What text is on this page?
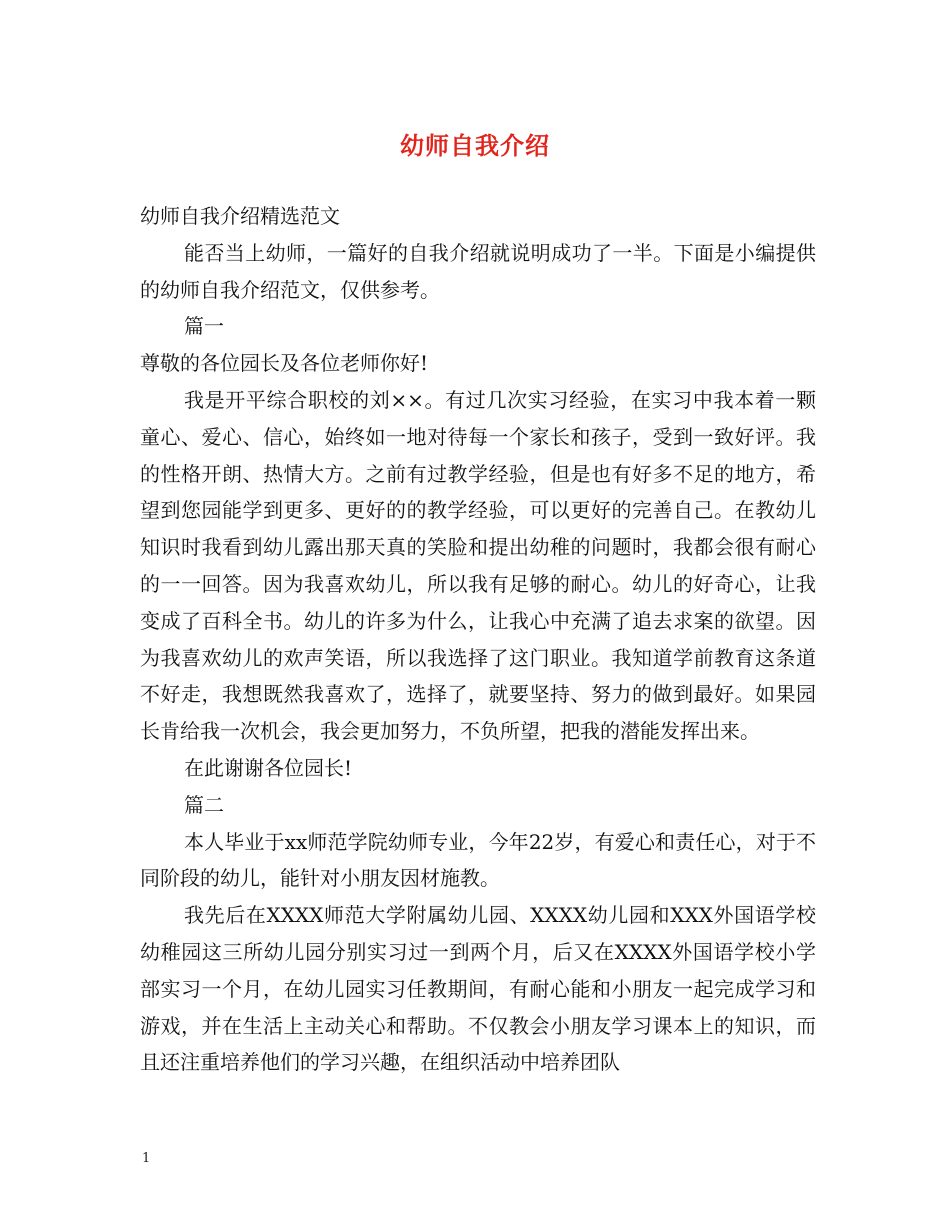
幼师自我介绍

幼师自我介绍精选范文

能否当上幼师，一篇好的自我介绍就说明成功了一半。下面是小编提供的幼师自我介绍范文，仅供参考。

篇一

尊敬的各位园长及各位老师你好!

我是开平综合职校的刘××。有过几次实习经验，在实习中我本着一颗童心、爱心、信心，始终如一地对待每一个家长和孩子，受到一致好评。我的性格开朗、热情大方。之前有过教学经验，但是也有好多不足的地方，希望到您园能学到更多、更好的的教学经验，可以更好的完善自己。在教幼儿知识时我看到幼儿露出那天真的笑脸和提出幼稚的问题时，我都会很有耐心的一一回答。因为我喜欢幼儿，所以我有足够的耐心。幼儿的好奇心，让我变成了百科全书。幼儿的许多为什么，让我心中充满了追去求案的欲望。因为我喜欢幼儿的欢声笑语，所以我选择了这门职业。我知道学前教育这条道不好走，我想既然我喜欢了，选择了，就要坚持、努力的做到最好。如果园长肯给我一次机会，我会更加努力，不负所望，把我的潜能发挥出来。

在此谢谢各位园长!

篇二

本人毕业于xx师范学院幼师专业，今年22岁，有爱心和责任心，对于不同阶段的幼儿，能针对小朋友因材施教。

我先后在XXXX师范大学附属幼儿园、XXXX幼儿园和XXX外国语学校幼稚园这三所幼儿园分别实习过一到两个月，后又在XXXX外国语学校小学部实习一个月，在幼儿园实习任教期间，有耐心能和小朋友一起完成学习和游戏，并在生活上主动关心和帮助。不仅教会小朋友学习课本上的知识，而且还注重培养他们的学习兴趣，在组织活动中培养团队

1
